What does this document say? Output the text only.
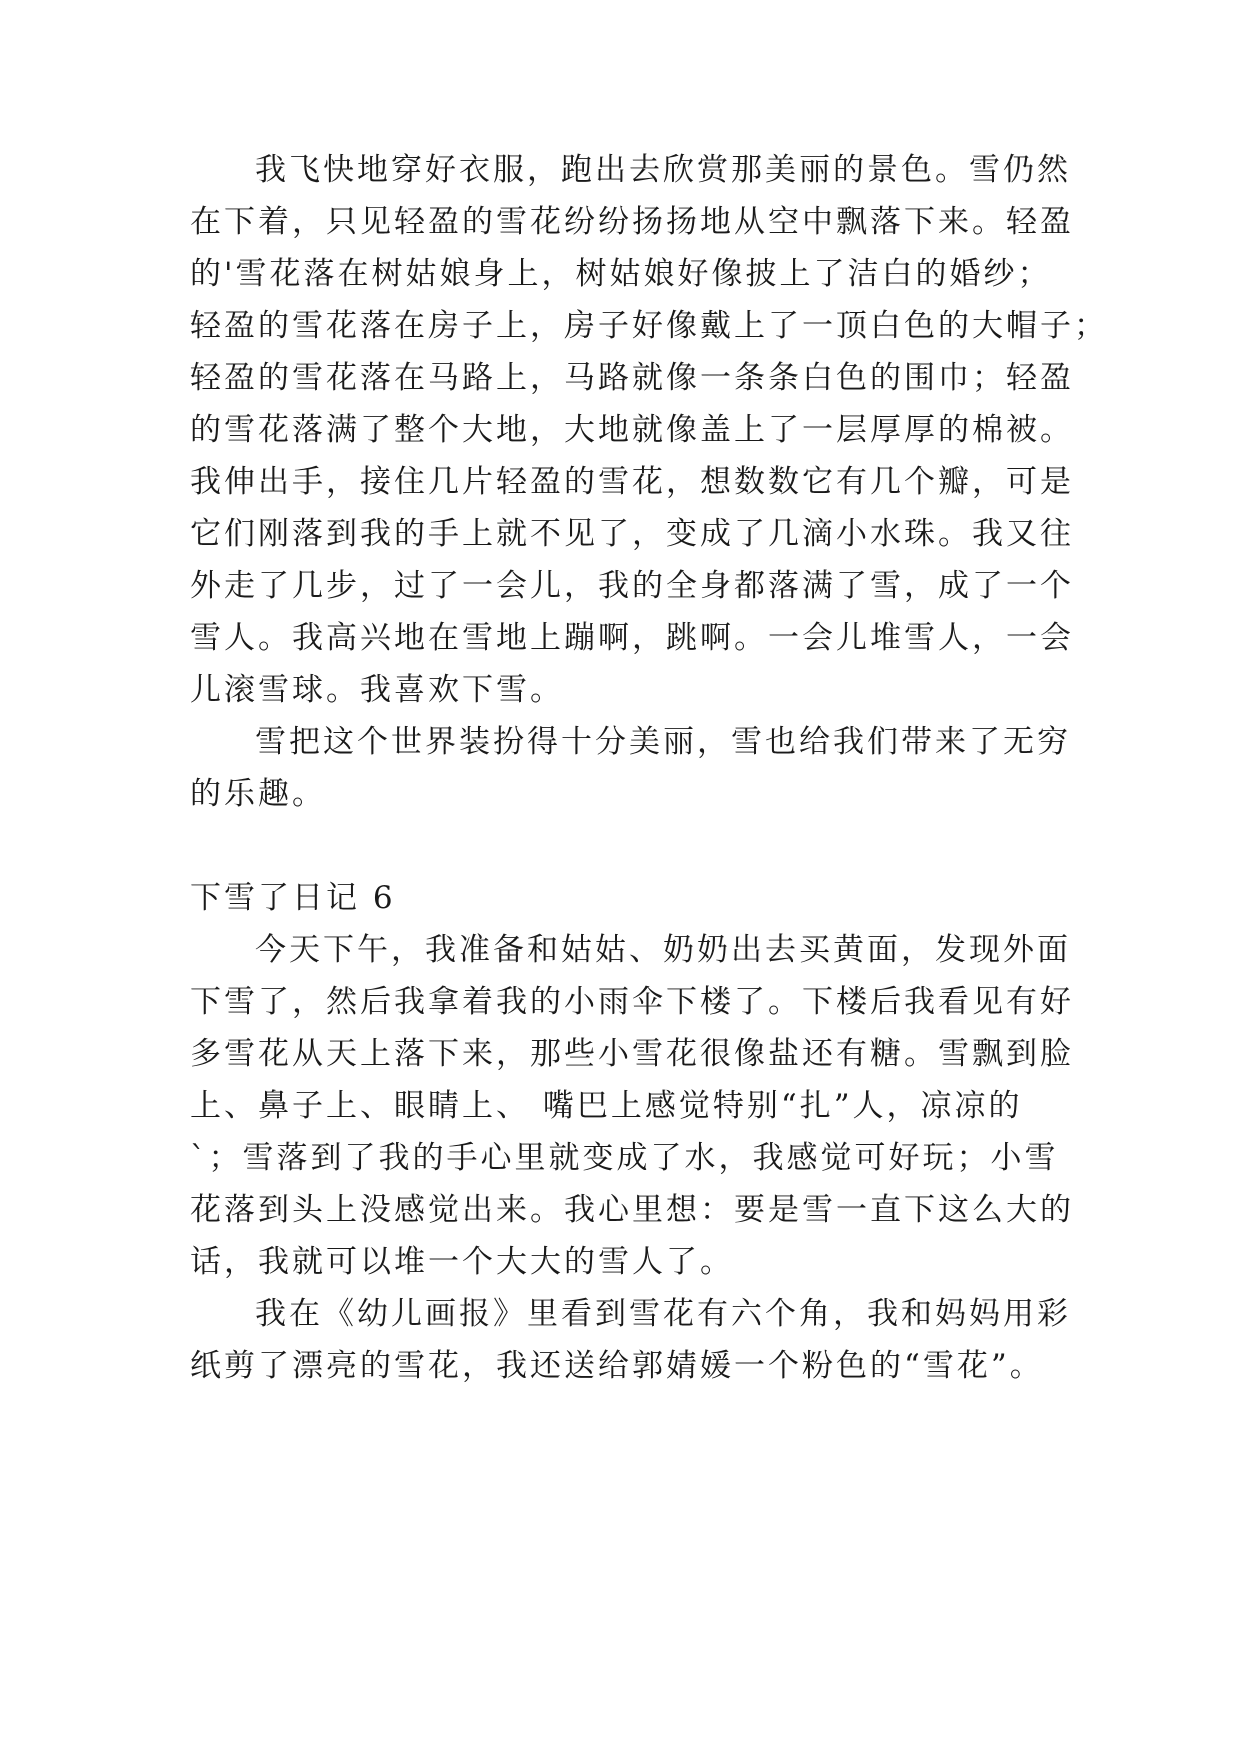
我飞快地穿好衣服，跑出去欣赏那美丽的景色。雪仍然
在下着，只见轻盈的雪花纷纷扬扬地从空中飘落下来。轻盈
的'雪花落在树姑娘身上，树姑娘好像披上了洁白的婚纱；
轻盈的雪花落在房子上，房子好像戴上了一顶白色的大帽子；
轻盈的雪花落在马路上，马路就像一条条白色的围巾；轻盈
的雪花落满了整个大地，大地就像盖上了一层厚厚的棉被。
我伸出手，接住几片轻盈的雪花，想数数它有几个瓣，可是
它们刚落到我的手上就不见了，变成了几滴小水珠。我又往
外走了几步，过了一会儿，我的全身都落满了雪，成了一个
雪人。我高兴地在雪地上蹦啊，跳啊。一会儿堆雪人，一会
儿滚雪球。我喜欢下雪。
雪把这个世界装扮得十分美丽，雪也给我们带来了无穷
的乐趣。
下雪了日记 6
今天下午，我准备和姑姑、奶奶出去买黄面，发现外面
下雪了，然后我拿着我的小雨伞下楼了。下楼后我看见有好
多雪花从天上落下来，那些小雪花很像盐还有糖。雪飘到脸
上、鼻子上、眼睛上、 嘴巴上感觉特别“扎”人，凉凉的
`；雪落到了我的手心里就变成了水，我感觉可好玩；小雪
花落到头上没感觉出来。我心里想：要是雪一直下这么大的
话，我就可以堆一个大大的雪人了。
我在《幼儿画报》里看到雪花有六个角，我和妈妈用彩
纸剪了漂亮的雪花，我还送给郭婧媛一个粉色的“雪花”。
